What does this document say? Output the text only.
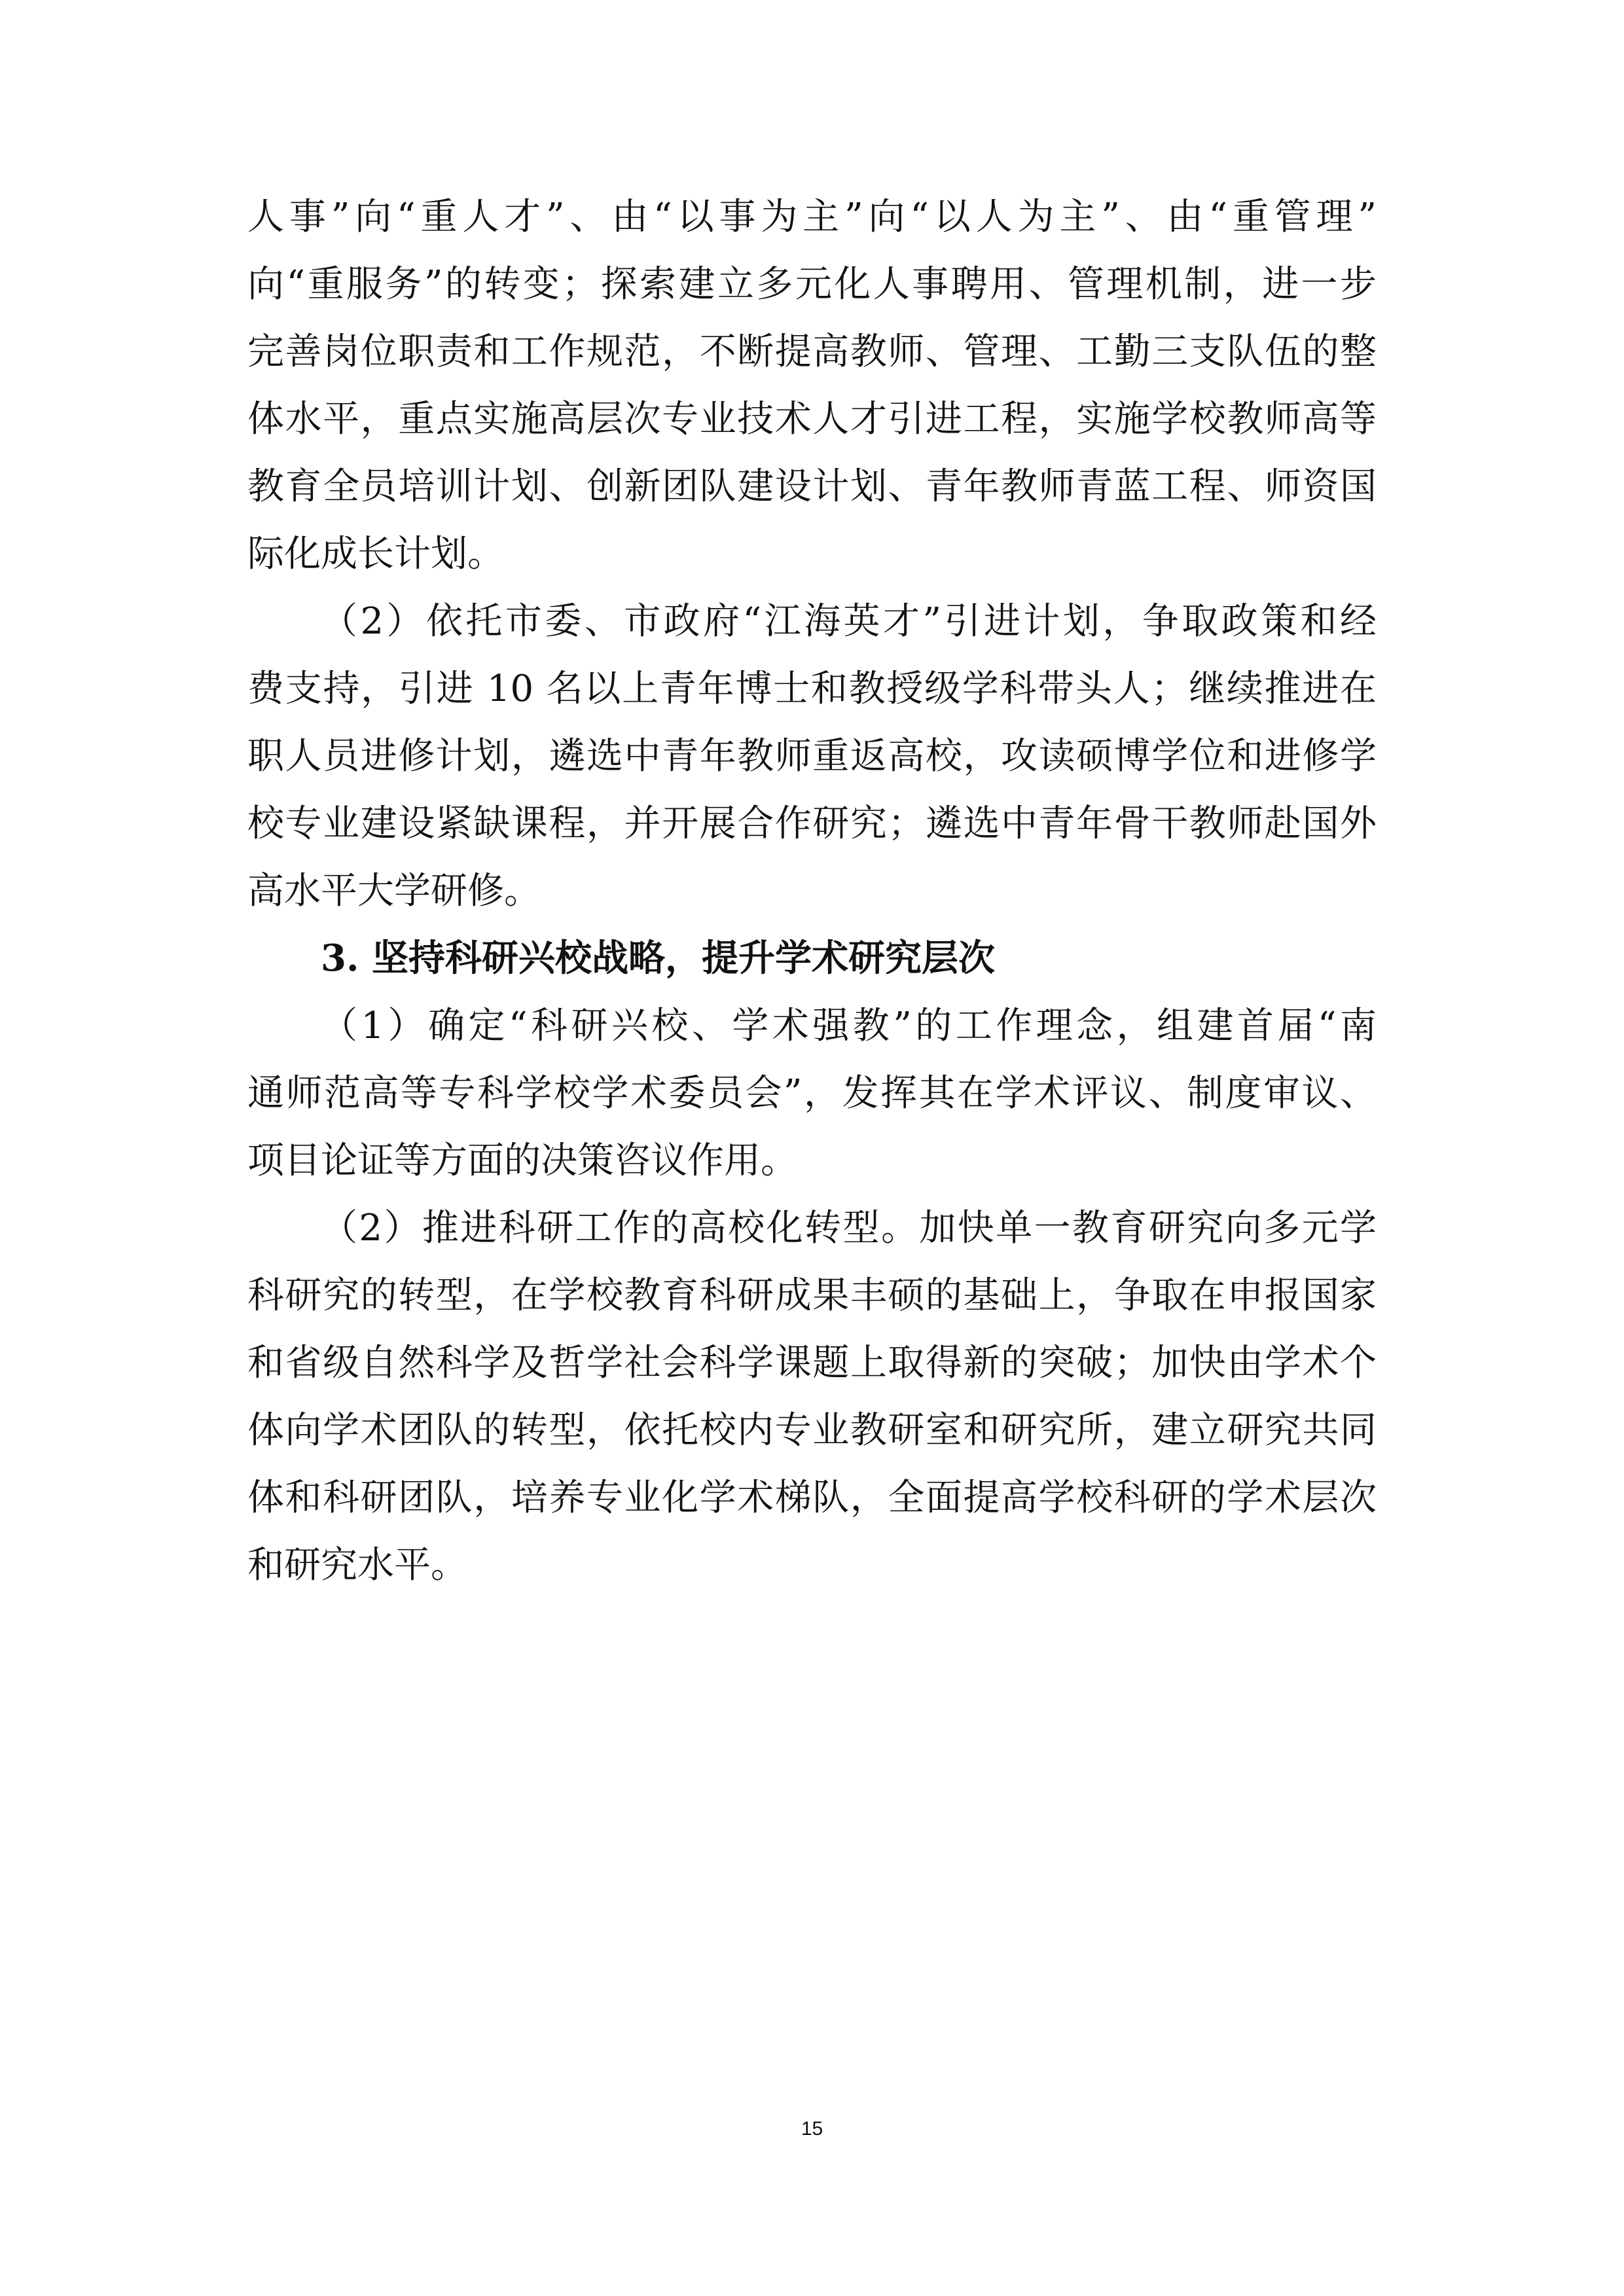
人事”向“重人才”、由“以事为主”向“以人为主”、由“重管理”
向“重服务”的转变；探索建立多元化人事聘用、管理机制，进一步
完善岗位职责和工作规范，不断提高教师、管理、工勤三支队伍的整
体水平，重点实施高层次专业技术人才引进工程，实施学校教师高等
教育全员培训计划、创新团队建设计划、青年教师青蓝工程、师资国
际化成长计划。
（2）依托市委、市政府“江海英才”引进计划，争取政策和经
费支持，引进 10 名以上青年博士和教授级学科带头人；继续推进在
职人员进修计划，遴选中青年教师重返高校，攻读硕博学位和进修学
校专业建设紧缺课程，并开展合作研究；遴选中青年骨干教师赴国外
高水平大学研修。
3. 坚持科研兴校战略，提升学术研究层次
（1）确定“科研兴校、学术强教”的工作理念，组建首届“南
通师范高等专科学校学术委员会”，发挥其在学术评议、制度审议、
项目论证等方面的决策咨议作用。
（2）推进科研工作的高校化转型。加快单一教育研究向多元学
科研究的转型，在学校教育科研成果丰硕的基础上，争取在申报国家
和省级自然科学及哲学社会科学课题上取得新的突破；加快由学术个
体向学术团队的转型，依托校内专业教研室和研究所，建立研究共同
体和科研团队，培养专业化学术梯队，全面提高学校科研的学术层次
和研究水平。
15
